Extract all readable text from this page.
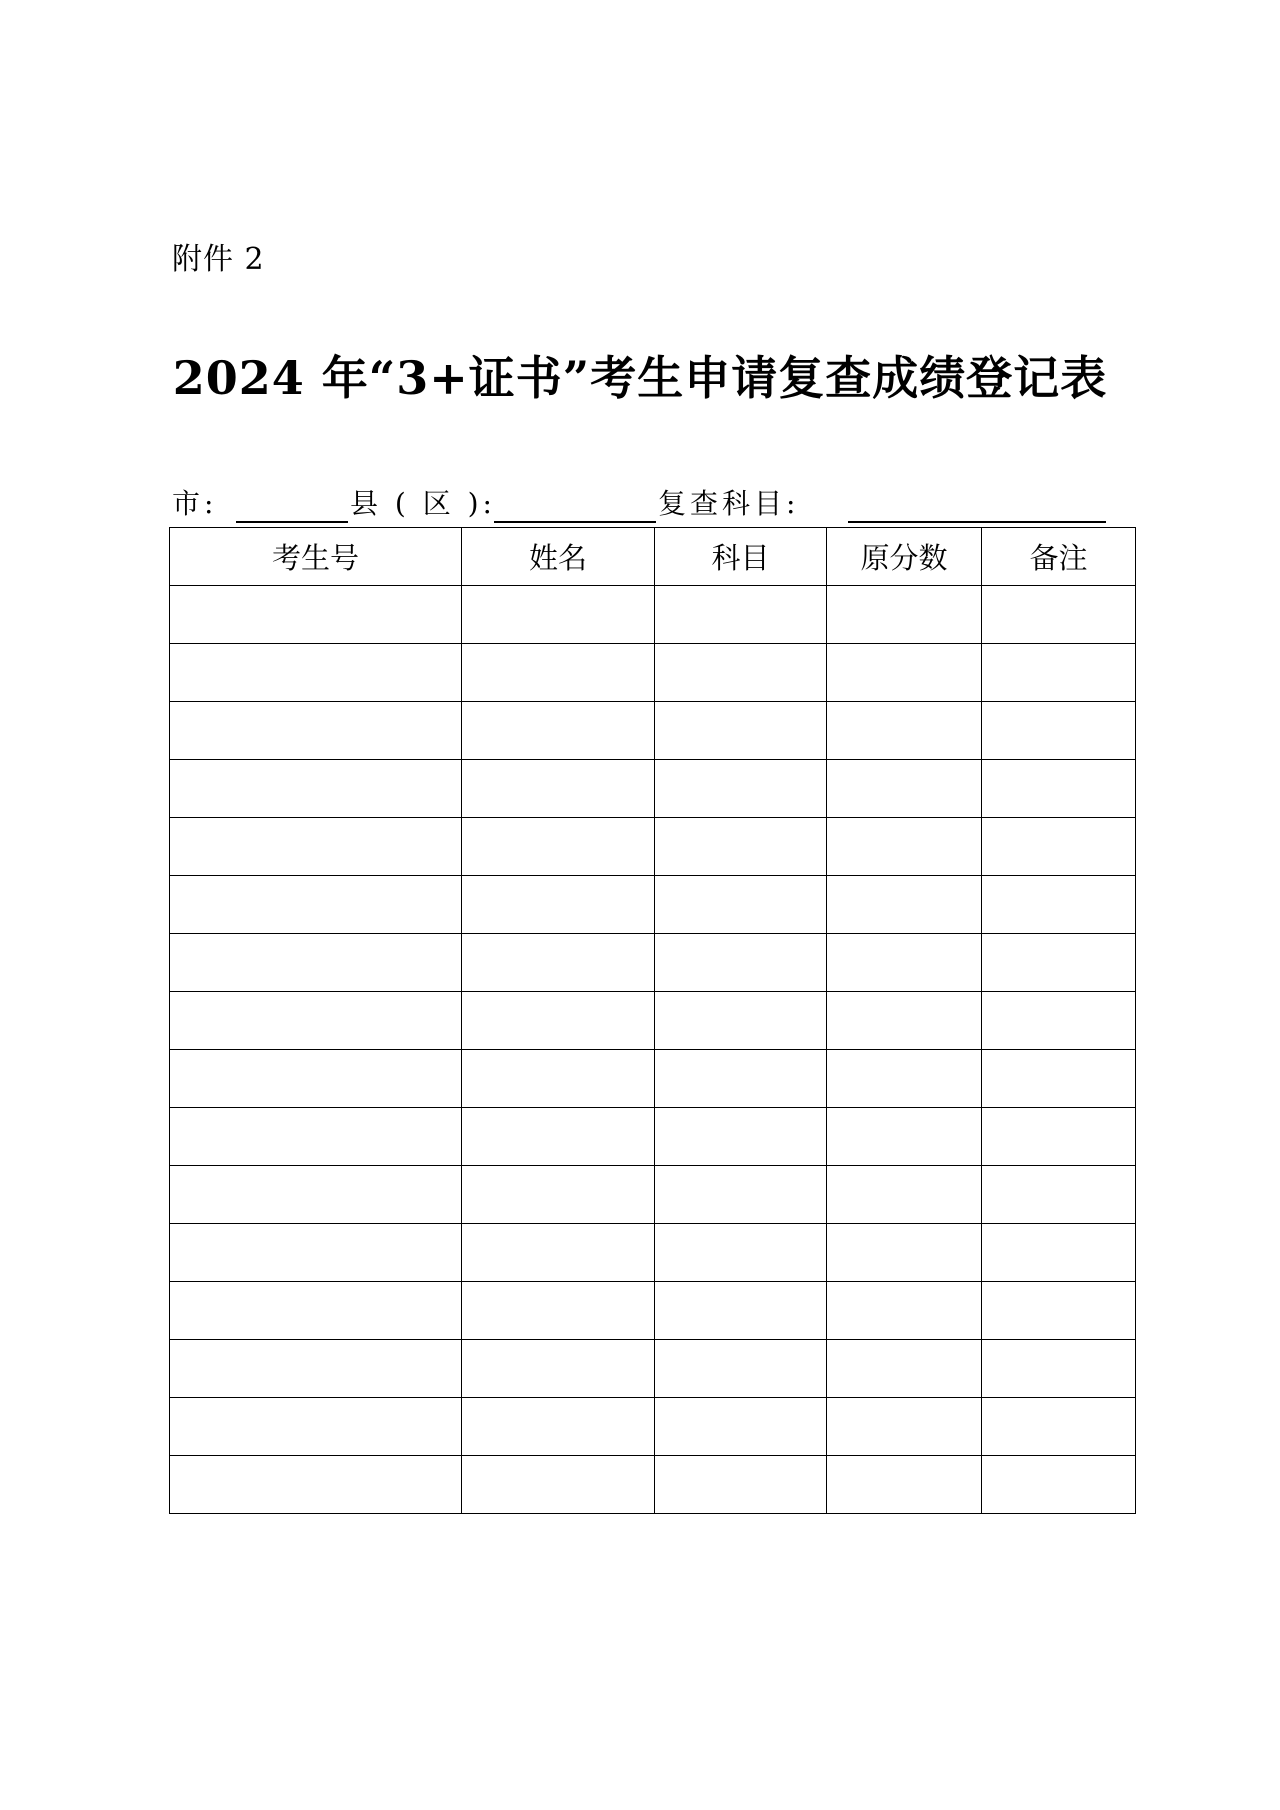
附件 2
2024 年“3+证书”考生申请复查成绩登记表
市:	县 ( 区 ):	复查科目:
考生号	姓名	科目	原分数	备注
